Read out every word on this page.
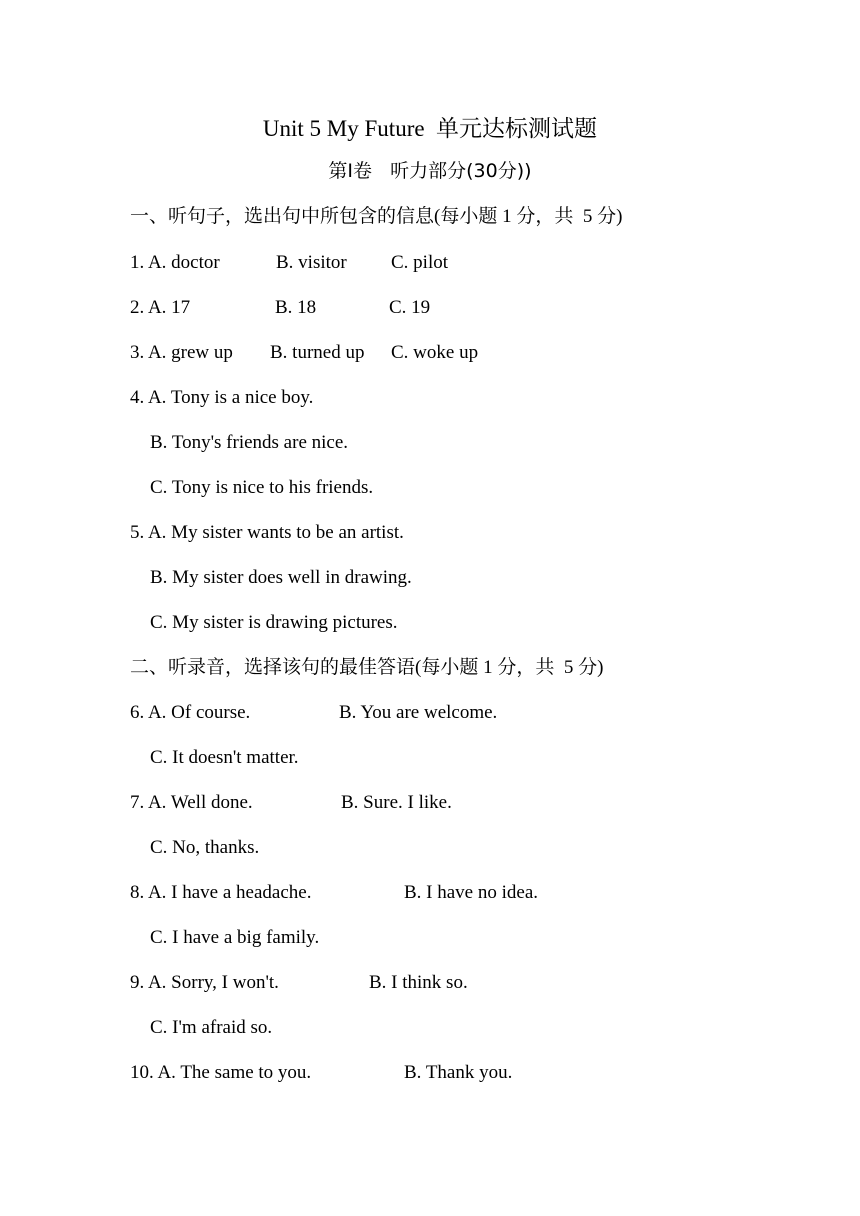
Unit 5 My Future  单元达标测试题
第Ⅰ卷   听力部分(30分))
一、听句子，选出句中所包含的信息(每小题 1 分，共  5 分)
1. A. doctor	B. visitor C. pilot
2. A. 17	B. 18	C. 19
3. A. grew up B. turned up C. woke up
4. A. Tony is a nice boy.
B. Tony's friends are nice.
C. Tony is nice to his friends.
5. A. My sister wants to be an artist.
B. My sister does well in drawing.
C. My sister is drawing pictures.
二、听录音，选择该句的最佳答语(每小题 1 分，共  5 分)
6. A. Of course.	B. You are welcome.
C. It doesn't matter.
7. A. Well done.	B. Sure. I like.
C. No, thanks.
8. A. I have a headache.	B. I have no idea.
C. I have a big family.
9. A. Sorry, I won't.	B. I think so.
C. I'm afraid so.
10. A. The same to you.	B. Thank you.
